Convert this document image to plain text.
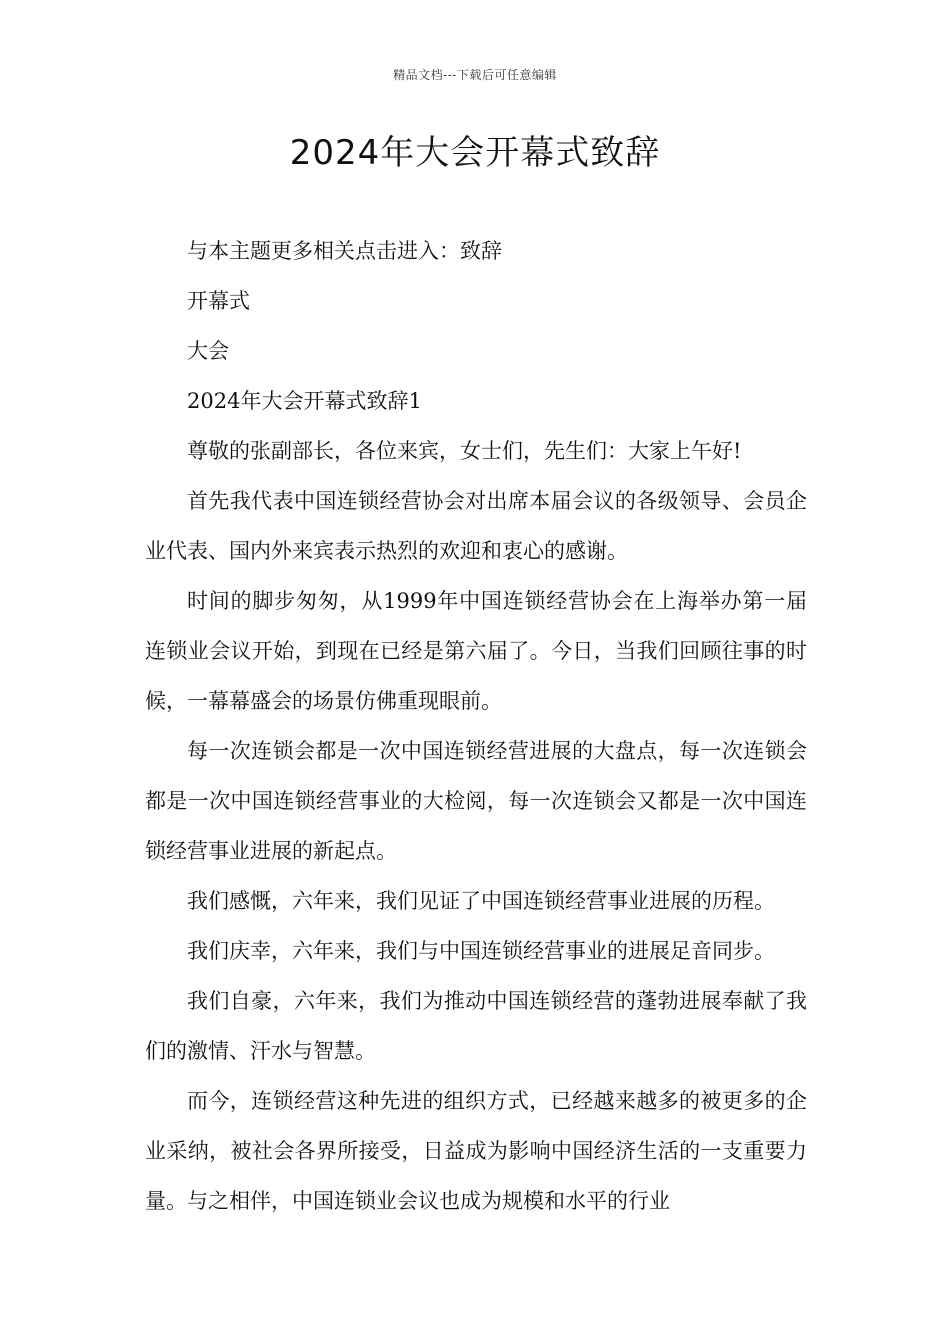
精品文档---下载后可任意编辑
2024年大会开幕式致辞

与本主题更多相关点击进入：致辞

开幕式

大会

2024年大会开幕式致辞1

尊敬的张副部长，各位来宾，女士们，先生们：大家上午好!

首先我代表中国连锁经营协会对出席本届会议的各级领导、会员企业代表、国内外来宾表示热烈的欢迎和衷心的感谢。

时间的脚步匆匆，从1999年中国连锁经营协会在上海举办第一届连锁业会议开始，到现在已经是第六届了。今日，当我们回顾往事的时候，一幕幕盛会的场景仿佛重现眼前。

每一次连锁会都是一次中国连锁经营进展的大盘点，每一次连锁会都是一次中国连锁经营事业的大检阅，每一次连锁会又都是一次中国连锁经营事业进展的新起点。

我们感慨，六年来，我们见证了中国连锁经营事业进展的历程。

我们庆幸，六年来，我们与中国连锁经营事业的进展足音同步。

我们自豪，六年来，我们为推动中国连锁经营的蓬勃进展奉献了我们的激情、汗水与智慧。

而今，连锁经营这种先进的组织方式，已经越来越多的被更多的企业采纳，被社会各界所接受，日益成为影响中国经济生活的一支重要力量。与之相伴，中国连锁业会议也成为规模和水平的行业
